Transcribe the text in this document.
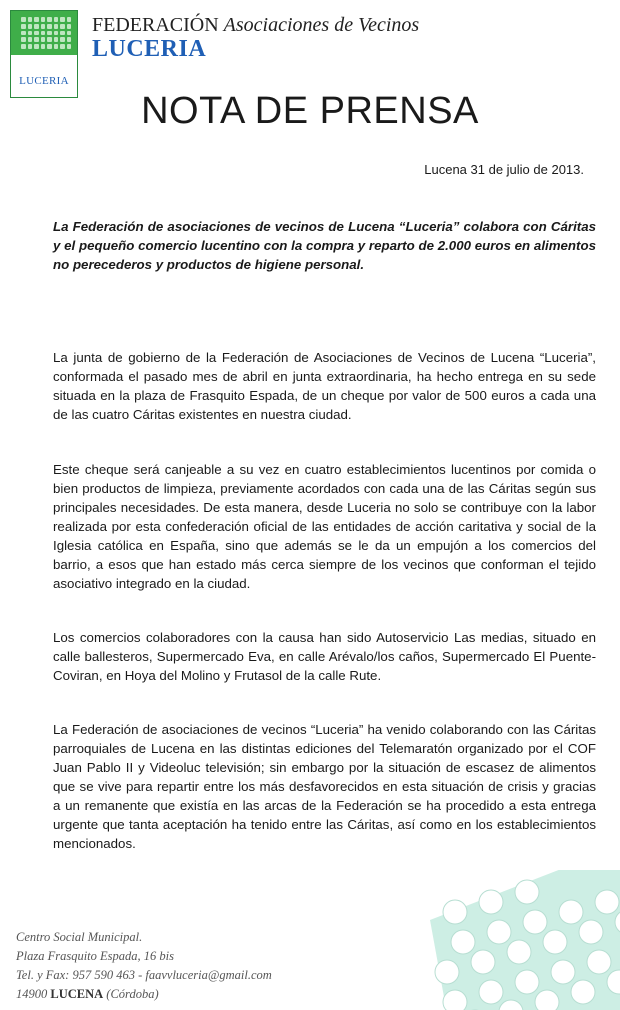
LUCERIA
FEDERACIÓN Asociaciones de Vecinos
LUCERIA
NOTA DE PRENSA
Lucena 31 de julio de 2013.
La Federación de asociaciones de vecinos de Lucena “Luceria” colabora con Cáritas y el pequeño comercio lucentino con la compra y reparto de 2.000 euros en alimentos no perecederos y productos de higiene personal.

La junta de gobierno de la Federación de Asociaciones de Vecinos de Lucena “Luceria”, conformada el pasado mes de abril en junta extraordinaria, ha hecho entrega en su sede situada en la plaza de Frasquito Espada, de un cheque por valor de 500 euros a cada una de las cuatro Cáritas existentes en nuestra ciudad.

Este cheque será canjeable a su vez en cuatro establecimientos lucentinos por comida o bien productos de limpieza, previamente acordados con cada una de las Cáritas según sus principales necesidades. De esta manera, desde Luceria no solo se contribuye con la labor realizada por esta confederación oficial de las entidades de acción caritativa y social de la Iglesia católica en España, sino que además se le da un empujón a los comercios del barrio, a esos que han estado más cerca siempre de los vecinos que conforman el tejido asociativo integrado en la ciudad.

Los comercios colaboradores con la causa han sido Autoservicio Las medias, situado en calle ballesteros, Supermercado Eva, en calle Arévalo/los caños, Supermercado El Puente-Coviran, en Hoya del Molino y Frutasol de la calle Rute.

La Federación de asociaciones de vecinos “Luceria” ha venido colaborando con las Cáritas parroquiales de Lucena en las distintas ediciones del Telemaratón organizado por el COF Juan Pablo II y Videoluc televisión; sin embargo por la situación de escasez de alimentos que se vive para repartir entre los más desfavorecidos en esta situación de crisis y gracias a un remanente que existía en las arcas de la Federación se ha procedido a esta entrega urgente que tanta aceptación ha tenido entre las Cáritas, así como en los establecimientos mencionados.

Centro Social Municipal.
Plaza Frasquito Espada, 16 bis
Tel. y Fax: 957 590 463 - faavvluceria@gmail.com
14900 LUCENA (Córdoba)
